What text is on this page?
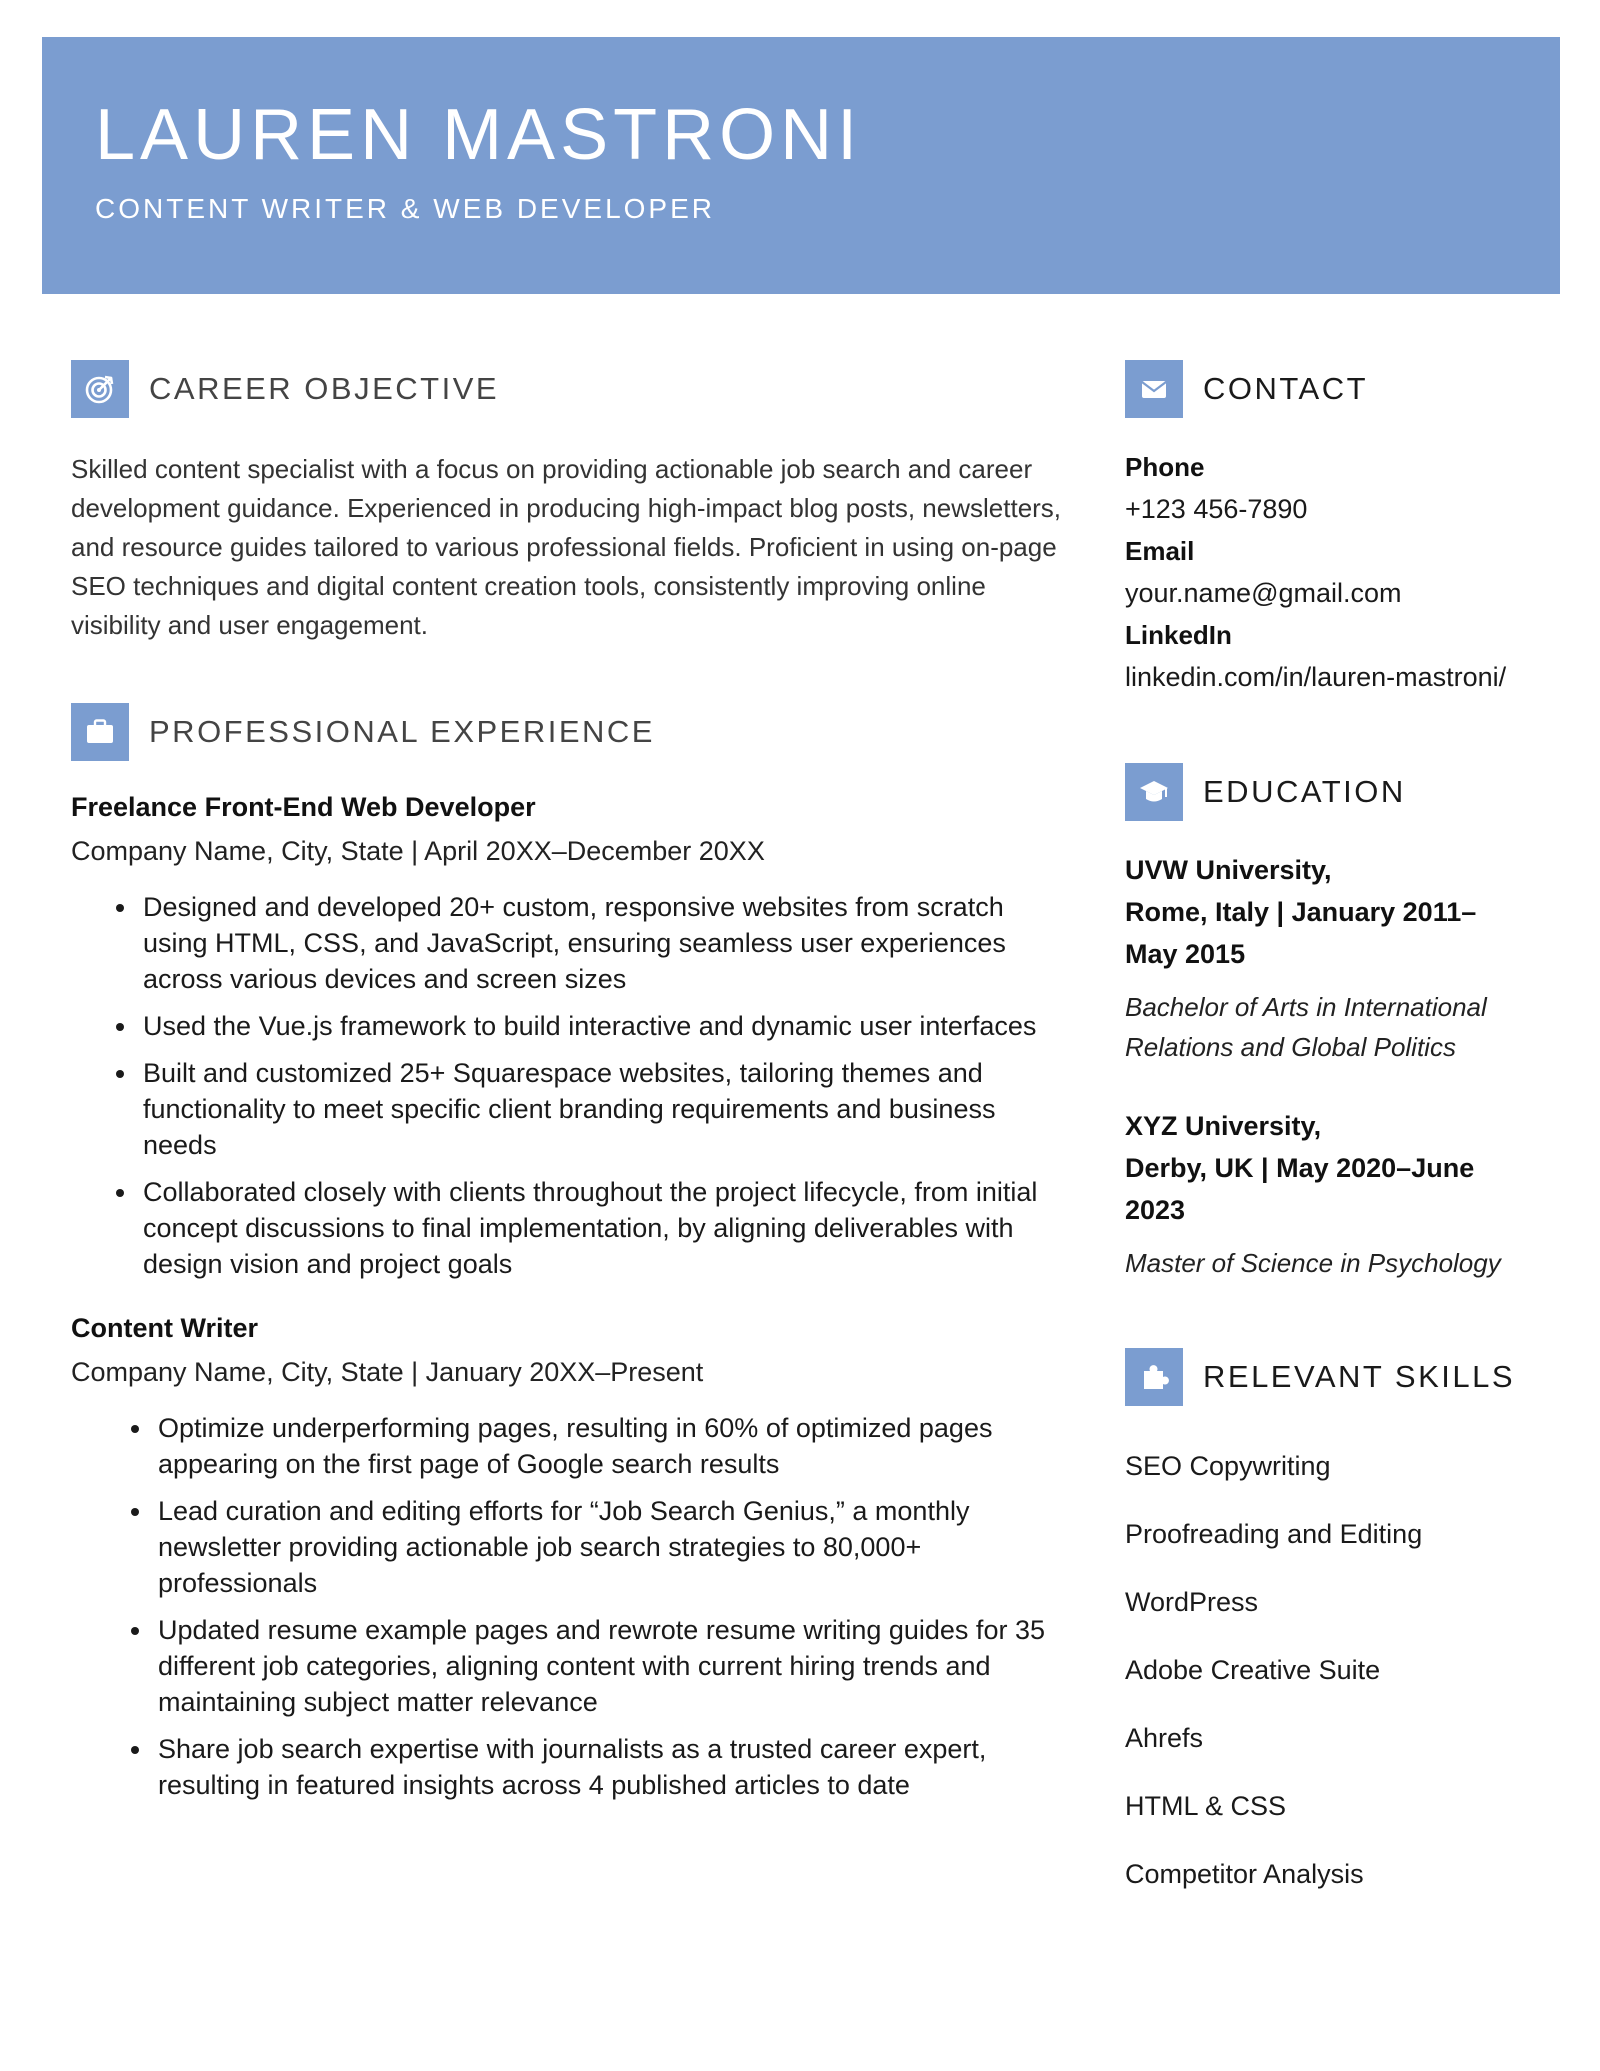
LAUREN MASTRONI
CONTENT WRITER & WEB DEVELOPER
CAREER OBJECTIVE

Skilled content specialist with a focus on providing actionable job search and career development guidance. Experienced in producing high-impact blog posts, newsletters, and resource guides tailored to various professional fields. Proficient in using on-page SEO techniques and digital content creation tools, consistently improving online visibility and user engagement.

PROFESSIONAL EXPERIENCE
Freelance Front-End Web Developer
Company Name, City, State | April 20XX–December 20XX
• Designed and developed 20+ custom, responsive websites from scratch using HTML, CSS, and JavaScript, ensuring seamless user experiences across various devices and screen sizes
• Used the Vue.js framework to build interactive and dynamic user interfaces
• Built and customized 25+ Squarespace websites, tailoring themes and functionality to meet specific client branding requirements and business needs
• Collaborated closely with clients throughout the project lifecycle, from initial concept discussions to final implementation, by aligning deliverables with design vision and project goals
Content Writer
Company Name, City, State | January 20XX–Present
• Optimize underperforming pages, resulting in 60% of optimized pages appearing on the first page of Google search results
• Lead curation and editing efforts for “Job Search Genius,” a monthly newsletter providing actionable job search strategies to 80,000+ professionals
• Updated resume example pages and rewrote resume writing guides for 35 different job categories, aligning content with current hiring trends and maintaining subject matter relevance
• Share job search expertise with journalists as a trusted career expert, resulting in featured insights across 4 published articles to date
CONTACT
Phone
+123 456-7890
Email
your.name@gmail.com
LinkedIn
linkedin.com/in/lauren-mastroni/
EDUCATION
UVW University,
Rome, Italy | January 2011–
May 2015
Bachelor of Arts in International Relations and Global Politics
XYZ University,
Derby, UK | May 2020–June
2023
Master of Science in Psychology
RELEVANT SKILLS
SEO Copywriting
Proofreading and Editing
WordPress
Adobe Creative Suite
Ahrefs
HTML & CSS
Competitor Analysis
